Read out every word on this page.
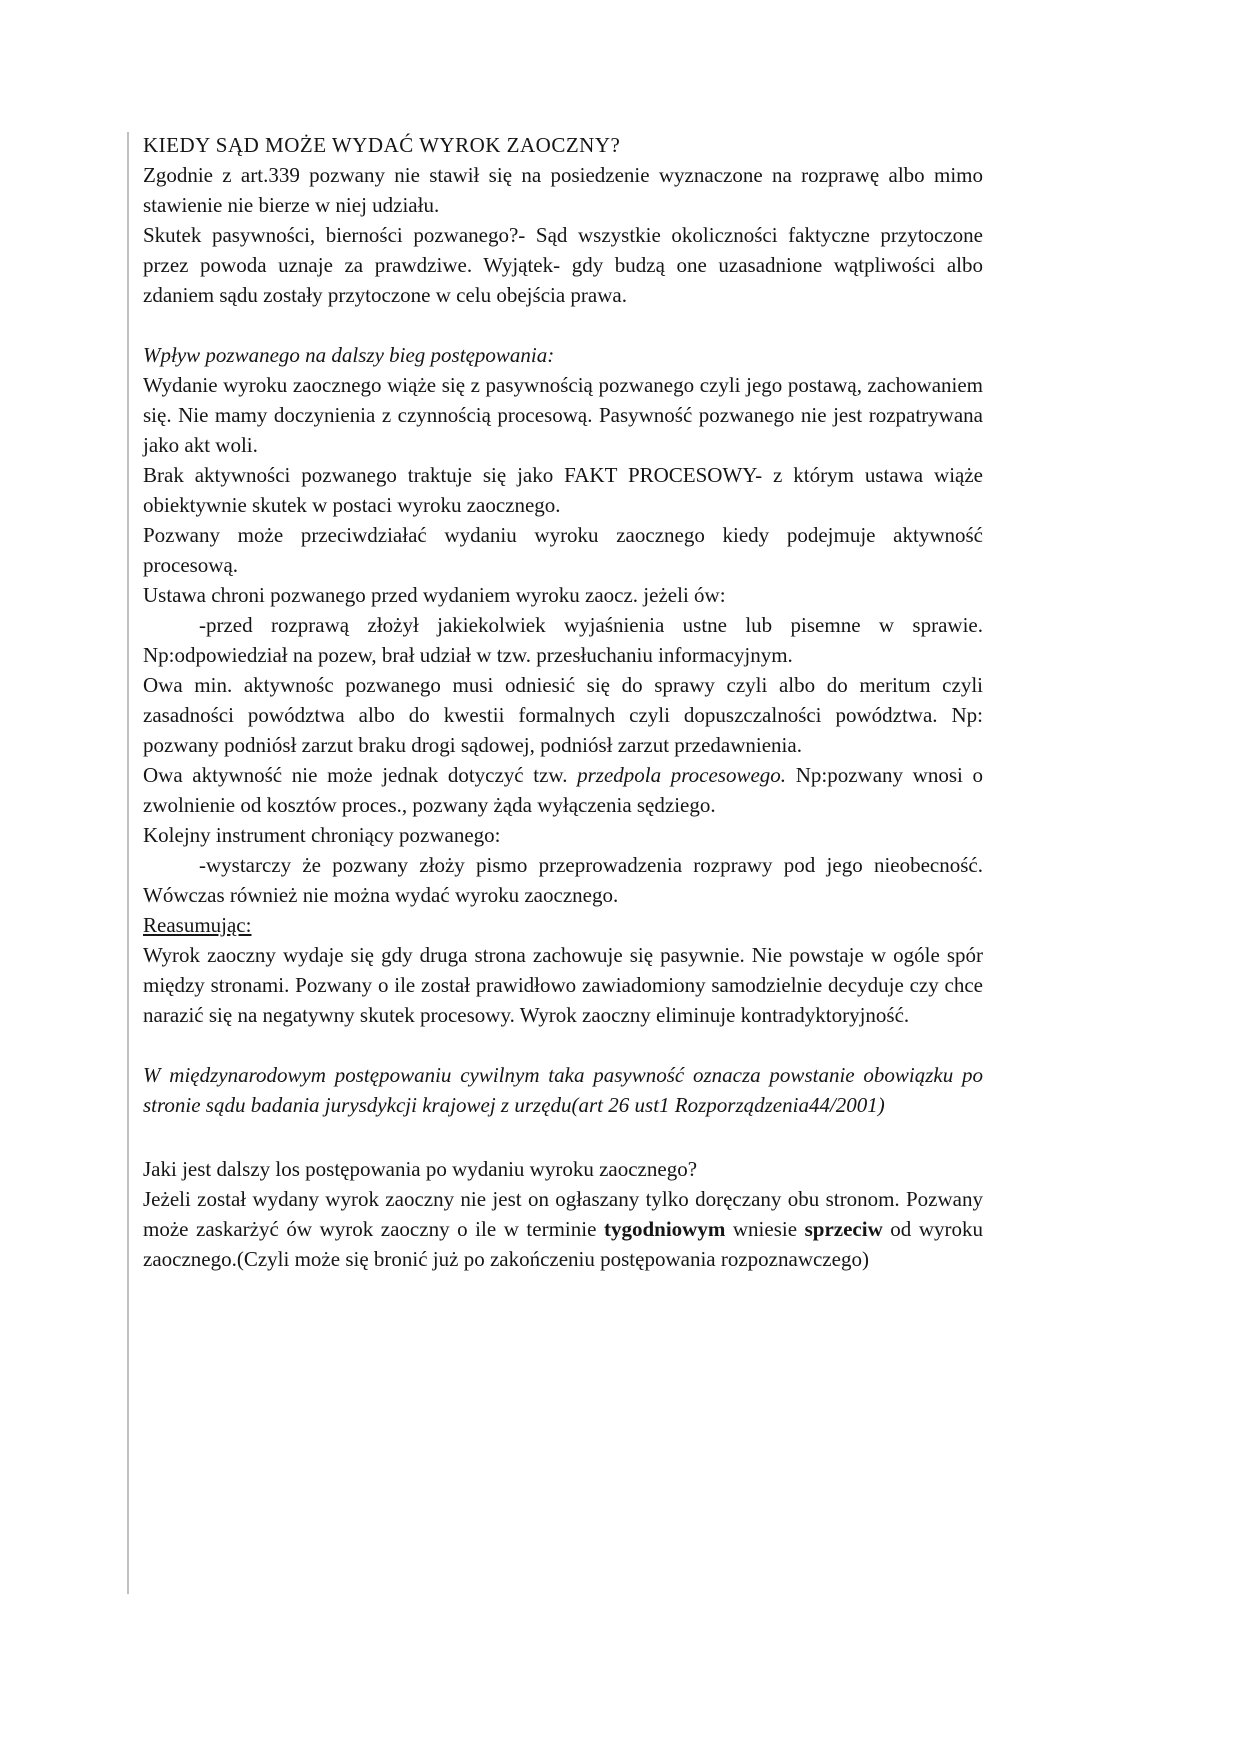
KIEDY SĄD MOŻE WYDAĆ WYROK ZAOCZNY?

Zgodnie z art.339 pozwany nie stawił się na posiedzenie wyznaczone na rozprawę albo mimo stawienie nie bierze w niej udziału.

Skutek pasywności, bierności pozwanego?- Sąd wszystkie okoliczności faktyczne przytoczone przez powoda uznaje za prawdziwe. Wyjątek- gdy budzą one uzasadnione wątpliwości albo zdaniem sądu zostały przytoczone w celu obejścia prawa.

Wpływ pozwanego na dalszy bieg postępowania:

Wydanie wyroku zaocznego wiąże się z pasywnością pozwanego czyli jego postawą, zachowaniem się. Nie mamy doczynienia z czynnością procesową. Pasywność pozwanego nie jest rozpatrywana jako akt woli.

Brak aktywności pozwanego traktuje się jako FAKT PROCESOWY- z którym ustawa wiąże obiektywnie skutek w postaci wyroku zaocznego.

Pozwany może przeciwdziałać wydaniu wyroku zaocznego kiedy podejmuje aktywność procesową.

Ustawa chroni pozwanego przed wydaniem wyroku zaocz. jeżeli ów:

-przed rozprawą złożył jakiekolwiek wyjaśnienia ustne lub pisemne w sprawie. Np:odpowiedział na pozew, brał udział w tzw. przesłuchaniu informacyjnym.

Owa min. aktywnośc pozwanego musi odniesić się do sprawy czyli albo do meritum czyli zasadności powództwa albo do kwestii formalnych czyli dopuszczalności powództwa. Np: pozwany podniósł zarzut braku drogi sądowej, podniósł zarzut przedawnienia.

Owa aktywność nie może jednak dotyczyć tzw. przedpola procesowego. Np:pozwany wnosi o zwolnienie od kosztów proces., pozwany żąda wyłączenia sędziego.

Kolejny instrument chroniący pozwanego:

-wystarczy że pozwany złoży pismo przeprowadzenia rozprawy pod jego nieobecność. Wówczas również nie można wydać wyroku zaocznego.

Reasumując:

Wyrok zaoczny wydaje się gdy druga strona zachowuje się pasywnie. Nie powstaje w ogóle spór między stronami. Pozwany o ile został prawidłowo zawiadomiony samodzielnie decyduje czy chce narazić się na negatywny skutek procesowy. Wyrok zaoczny eliminuje kontradyktoryjność.

W międzynarodowym postępowaniu cywilnym taka pasywność oznacza powstanie obowiązku po stronie sądu badania jurysdykcji krajowej z urzędu(art 26 ust1 Rozporządzenia44/2001)

Jaki jest dalszy los postępowania po wydaniu wyroku zaocznego?

Jeżeli został wydany wyrok zaoczny nie jest on ogłaszany tylko doręczany obu stronom. Pozwany może zaskarżyć ów wyrok zaoczny o ile w terminie tygodniowym wniesie sprzeciw od wyroku zaocznego.(Czyli może się bronić już po zakończeniu postępowania rozpoznawczego)
